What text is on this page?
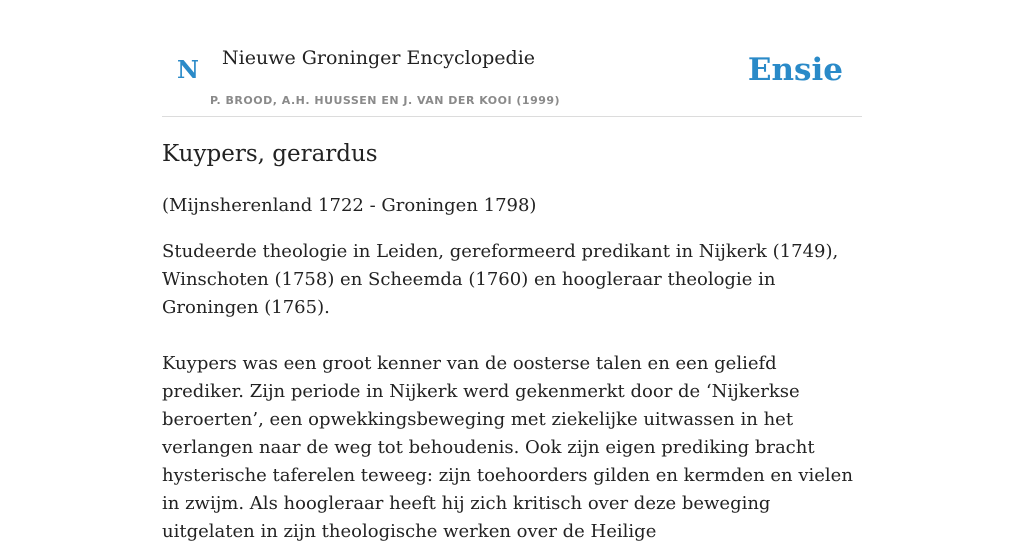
N Nieuwe Groninger Encyclopedie
P. BROOD, A.H. HUUSSEN EN J. VAN DER KOOI (1999)
Ensie
Kuypers, gerardus

(Mijnsherenland 1722 - Groningen 1798)

Studeerde theologie in Leiden, gereformeerd predikant in Nijkerk (1749), Winschoten (1758) en Scheemda (1760) en hoogleraar theologie in Groningen (1765).

Kuypers was een groot kenner van de oosterse talen en een geliefd prediker. Zijn periode in Nijkerk werd gekenmerkt door de ‘Nijkerkse beroerten’, een opwekkingsbeweging met ziekelijke uitwassen in het verlangen naar de weg tot behoudenis. Ook zijn eigen prediking bracht hysterische taferelen teweeg: zijn toehoorders gilden en kermden en vielen in zwijm. Als hoogleraar heeft hij zich kritisch over deze beweging uitgelaten in zijn theologische werken over de Heilige
